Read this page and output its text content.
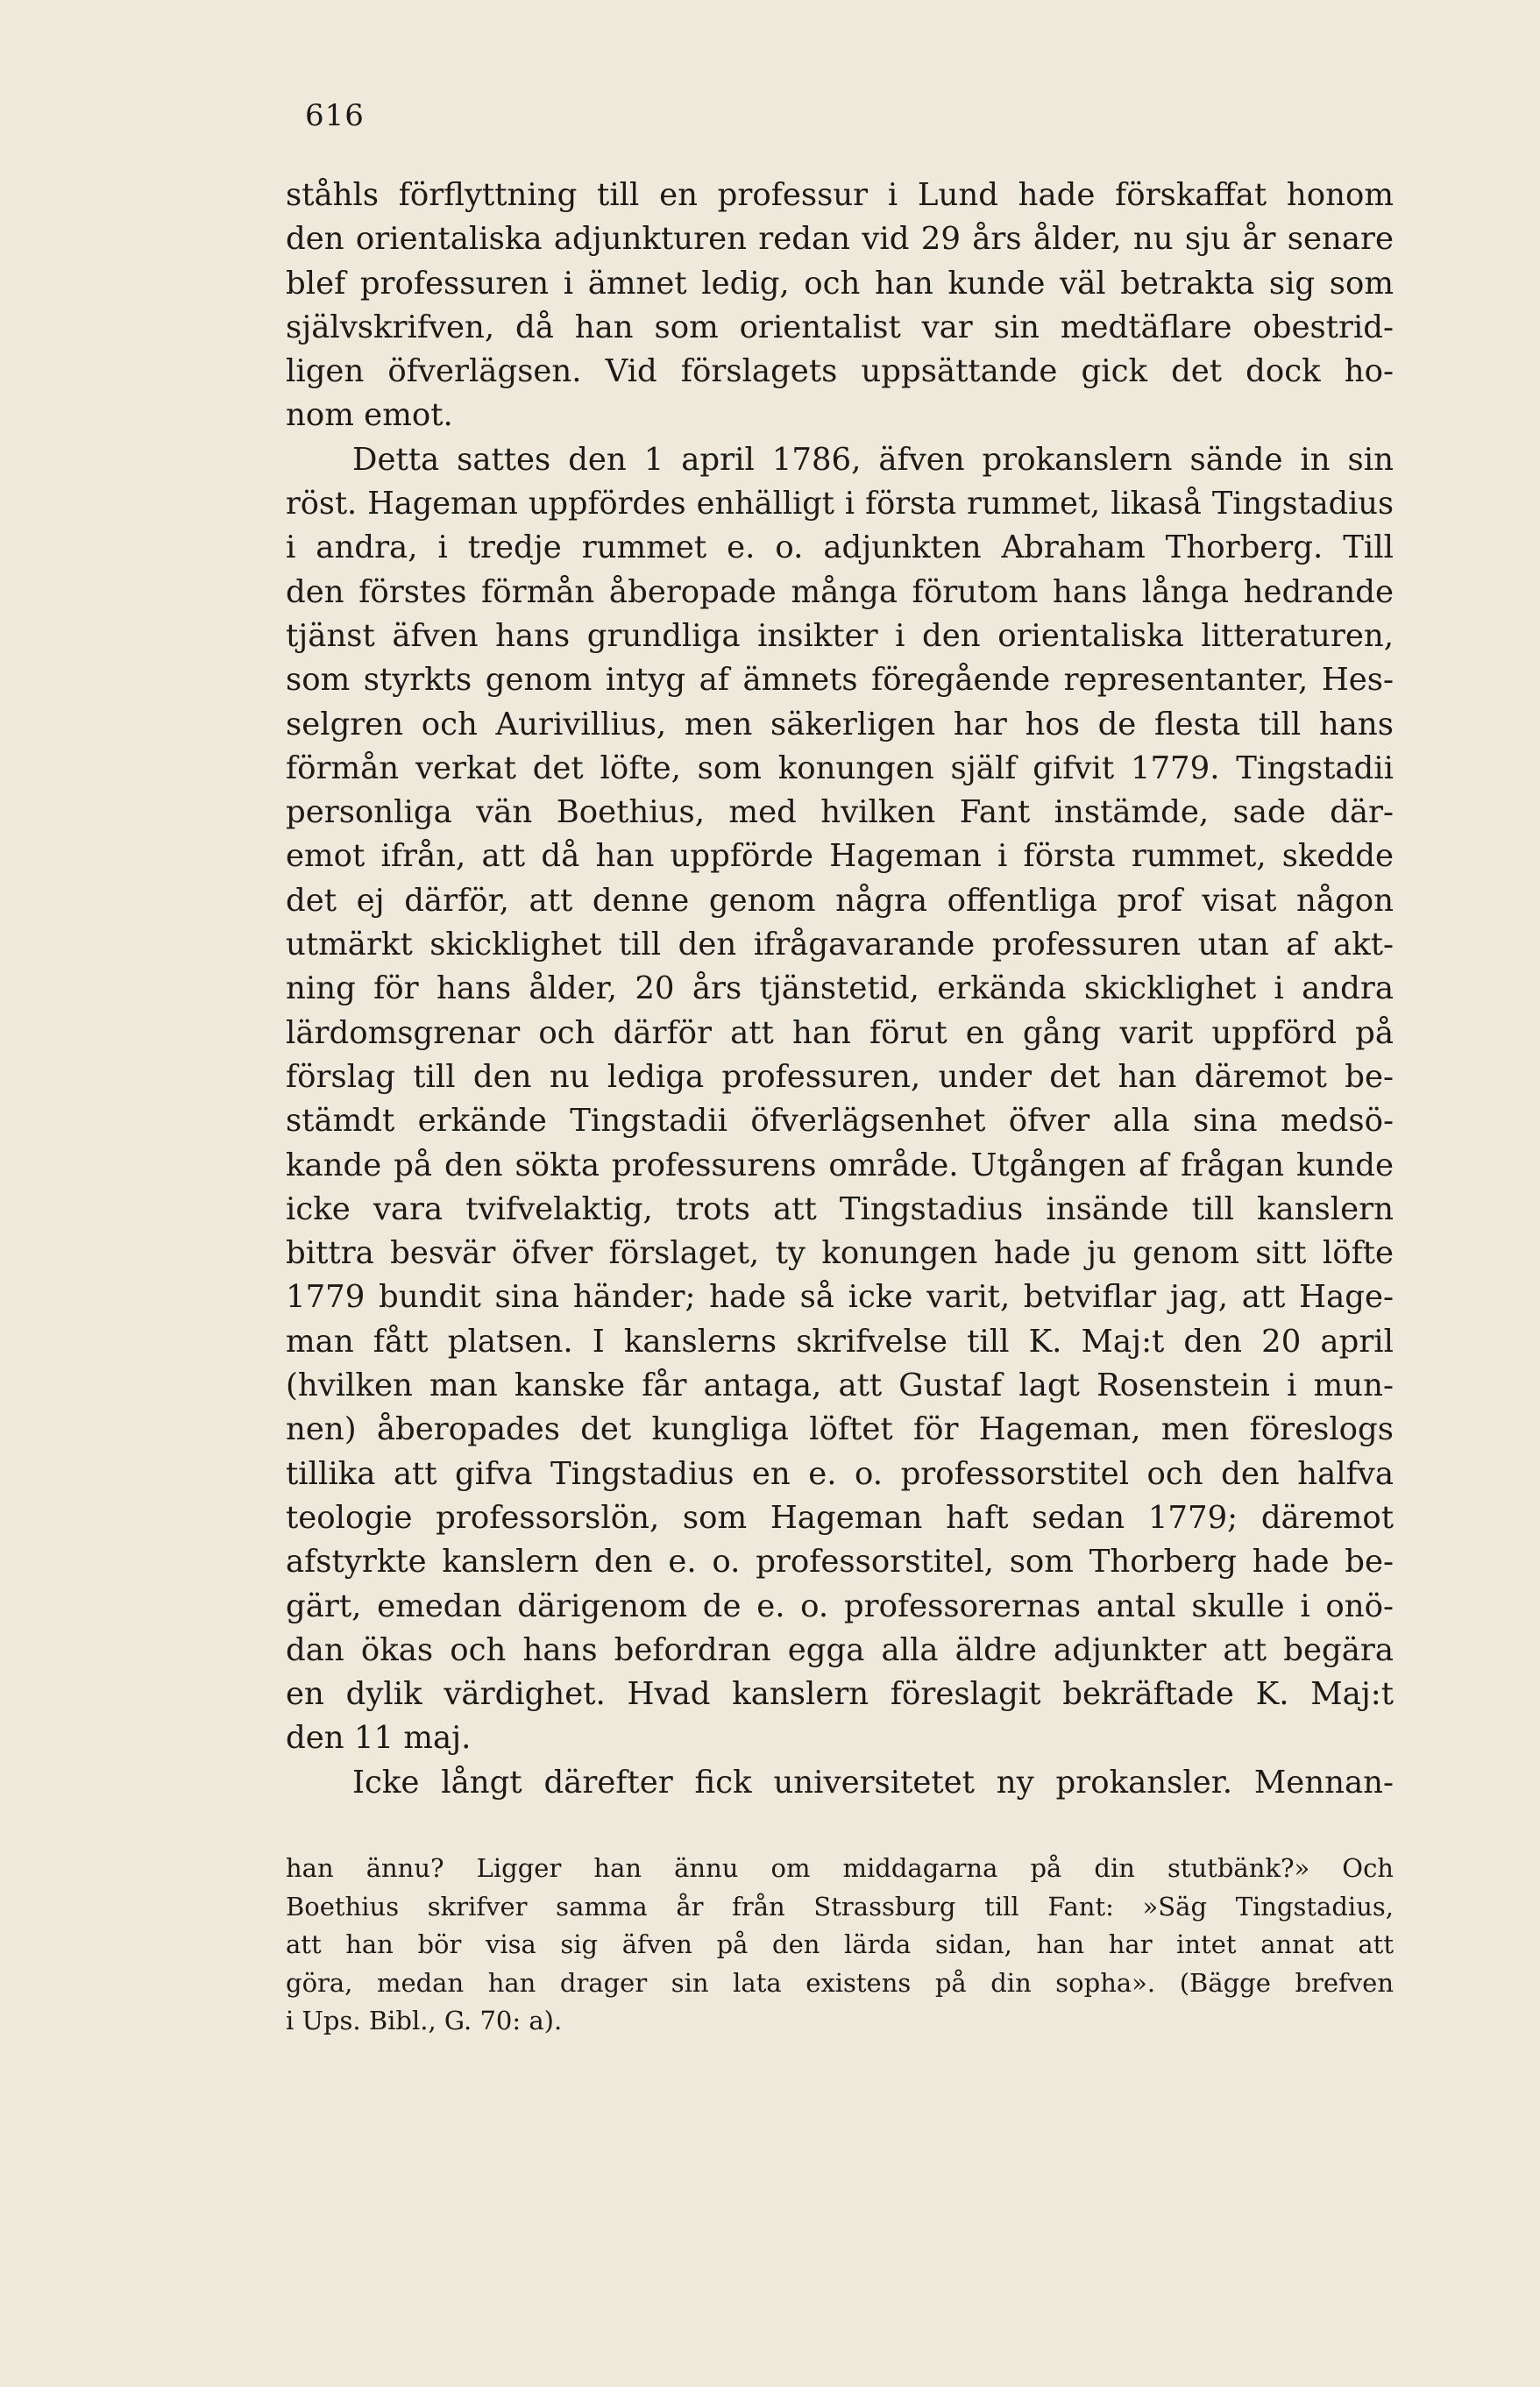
616
ståhls förflyttning till en professur i Lund hade förskaffat honom
den orientaliska adjunkturen redan vid 29 års ålder, nu sju år senare
blef professuren i ämnet ledig, och han kunde väl betrakta sig som
självskrifven, då han som orientalist var sin medtäflare obestrid-
ligen öfverlägsen. Vid förslagets uppsättande gick det dock ho-
nom emot.
Detta sattes den 1 april 1786, äfven prokanslern sände in sin
röst. Hageman uppfördes enhälligt i första rummet, likaså Tingstadius
i andra, i tredje rummet e. o. adjunkten Abraham Thorberg. Till
den förstes förmån åberopade många förutom hans långa hedrande
tjänst äfven hans grundliga insikter i den orientaliska litteraturen,
som styrkts genom intyg af ämnets föregående representanter, Hes-
selgren och Aurivillius, men säkerligen har hos de flesta till hans
förmån verkat det löfte, som konungen själf gifvit 1779. Tingstadii
personliga vän Boethius, med hvilken Fant instämde, sade där-
emot ifrån, att då han uppförde Hageman i första rummet, skedde
det ej därför, att denne genom några offentliga prof visat någon
utmärkt skicklighet till den ifrågavarande professuren utan af akt-
ning för hans ålder, 20 års tjänstetid, erkända skicklighet i andra
lärdomsgrenar och därför att han förut en gång varit uppförd på
förslag till den nu lediga professuren, under det han däremot be-
stämdt erkände Tingstadii öfverlägsenhet öfver alla sina medsö-
kande på den sökta professurens område. Utgången af frågan kunde
icke vara tvifvelaktig, trots att Tingstadius insände till kanslern
bittra besvär öfver förslaget, ty konungen hade ju genom sitt löfte
1779 bundit sina händer; hade så icke varit, betviflar jag, att Hage-
man fått platsen. I kanslerns skrifvelse till K. Maj:t den 20 april
(hvilken man kanske får antaga, att Gustaf lagt Rosenstein i mun-
nen) åberopades det kungliga löftet för Hageman, men föreslogs
tillika att gifva Tingstadius en e. o. professorstitel och den halfva
teologie professorslön, som Hageman haft sedan 1779; däremot
afstyrkte kanslern den e. o. professorstitel, som Thorberg hade be-
gärt, emedan därigenom de e. o. professorernas antal skulle i onö-
dan ökas och hans befordran egga alla äldre adjunkter att begära
en dylik värdighet. Hvad kanslern föreslagit bekräftade K. Maj:t
den 11 maj.
Icke långt därefter fick universitetet ny prokansler. Mennan-
han ännu? Ligger han ännu om middagarna på din stutbänk?» Och
Boethius skrifver samma år från Strassburg till Fant: »Säg Tingstadius,
att han bör visa sig äfven på den lärda sidan, han har intet annat att
göra, medan han drager sin lata existens på din sopha». (Bägge brefven
i Ups. Bibl., G. 70: a).
